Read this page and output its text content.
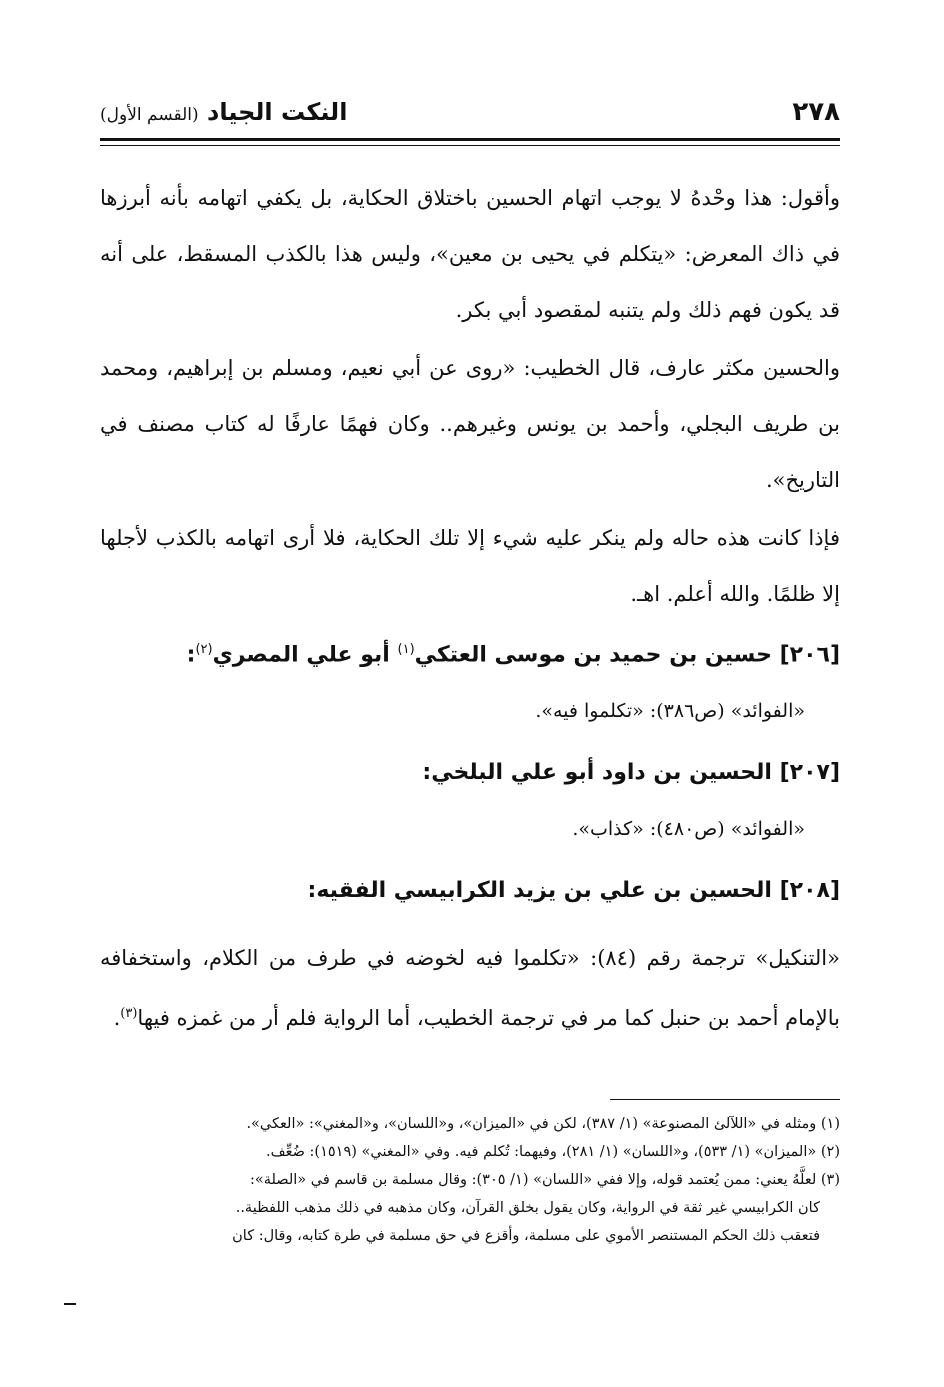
٢٧٨
النكت الجياد (القسم الأول)

وأقول: هذا وحْدهُ لا يوجب اتهام الحسين باختلاق الحكاية، بل يكفي اتهامه بأنه أبرزها في ذاك المعرض: «يتكلم في يحيى بن معين»، وليس هذا بالكذب المسقط، على أنه قد يكون فهم ذلك ولم يتنبه لمقصود أبي بكر.

والحسين مكثر عارف، قال الخطيب: «روى عن أبي نعيم، ومسلم بن إبراهيم، ومحمد بن طريف البجلي، وأحمد بن يونس وغيرهم.. وكان فهمًا عارفًا له كتاب مصنف في التاريخ».

فإذا كانت هذه حاله ولم ينكر عليه شيء إلا تلك الحكاية، فلا أرى اتهامه بالكذب لأجلها إلا ظلمًا. والله أعلم. اهـ.

[٢٠٦] حسين بن حميد بن موسى العتكي$^{(١)}$ أبو علي المصري$^{(٢)}$:

«الفوائد» (ص٣٨٦): «تكلموا فيه».

[٢٠٧] الحسين بن داود أبو علي البلخي:

«الفوائد» (ص٤٨٠): «كذاب».

[٢٠٨] الحسين بن علي بن يزيد الكرابيسي الفقيه:

«التنكيل» ترجمة رقم (٨٤): «تكلموا فيه لخوضه في طرف من الكلام، واستخفافه بالإمام أحمد بن حنبل كما مر في ترجمة الخطيب، أما الرواية فلم أر من غمزه فيها$^{(٣)}$.

(١) ومثله في «اللآلئ المصنوعة» (١/ ٣٨٧)، لكن في «الميزان»، و«اللسان»، و«المغني»: «العكي».

(٢) «الميزان» (١/ ٥٣٣)، و«اللسان» (١/ ٢٨١)، وفيهما: تُكلم فيه. وفي «المغني» (١٥١٩): ضُعِّف.

(٣) لعلَّهُ يعني: ممن يُعتمد قوله، وإلا ففي «اللسان» (١/ ٣٠٥): وقال مسلمة بن قاسم في «الصلة»:

كان الكرابيسي غير ثقة في الرواية، وكان يقول بخلق القرآن، وكان مذهبه في ذلك مذهب اللفظية..

فتعقب ذلك الحكم المستنصر الأموي على مسلمة، وأقزع في حق مسلمة في طرة كتابه، وقال: كان
